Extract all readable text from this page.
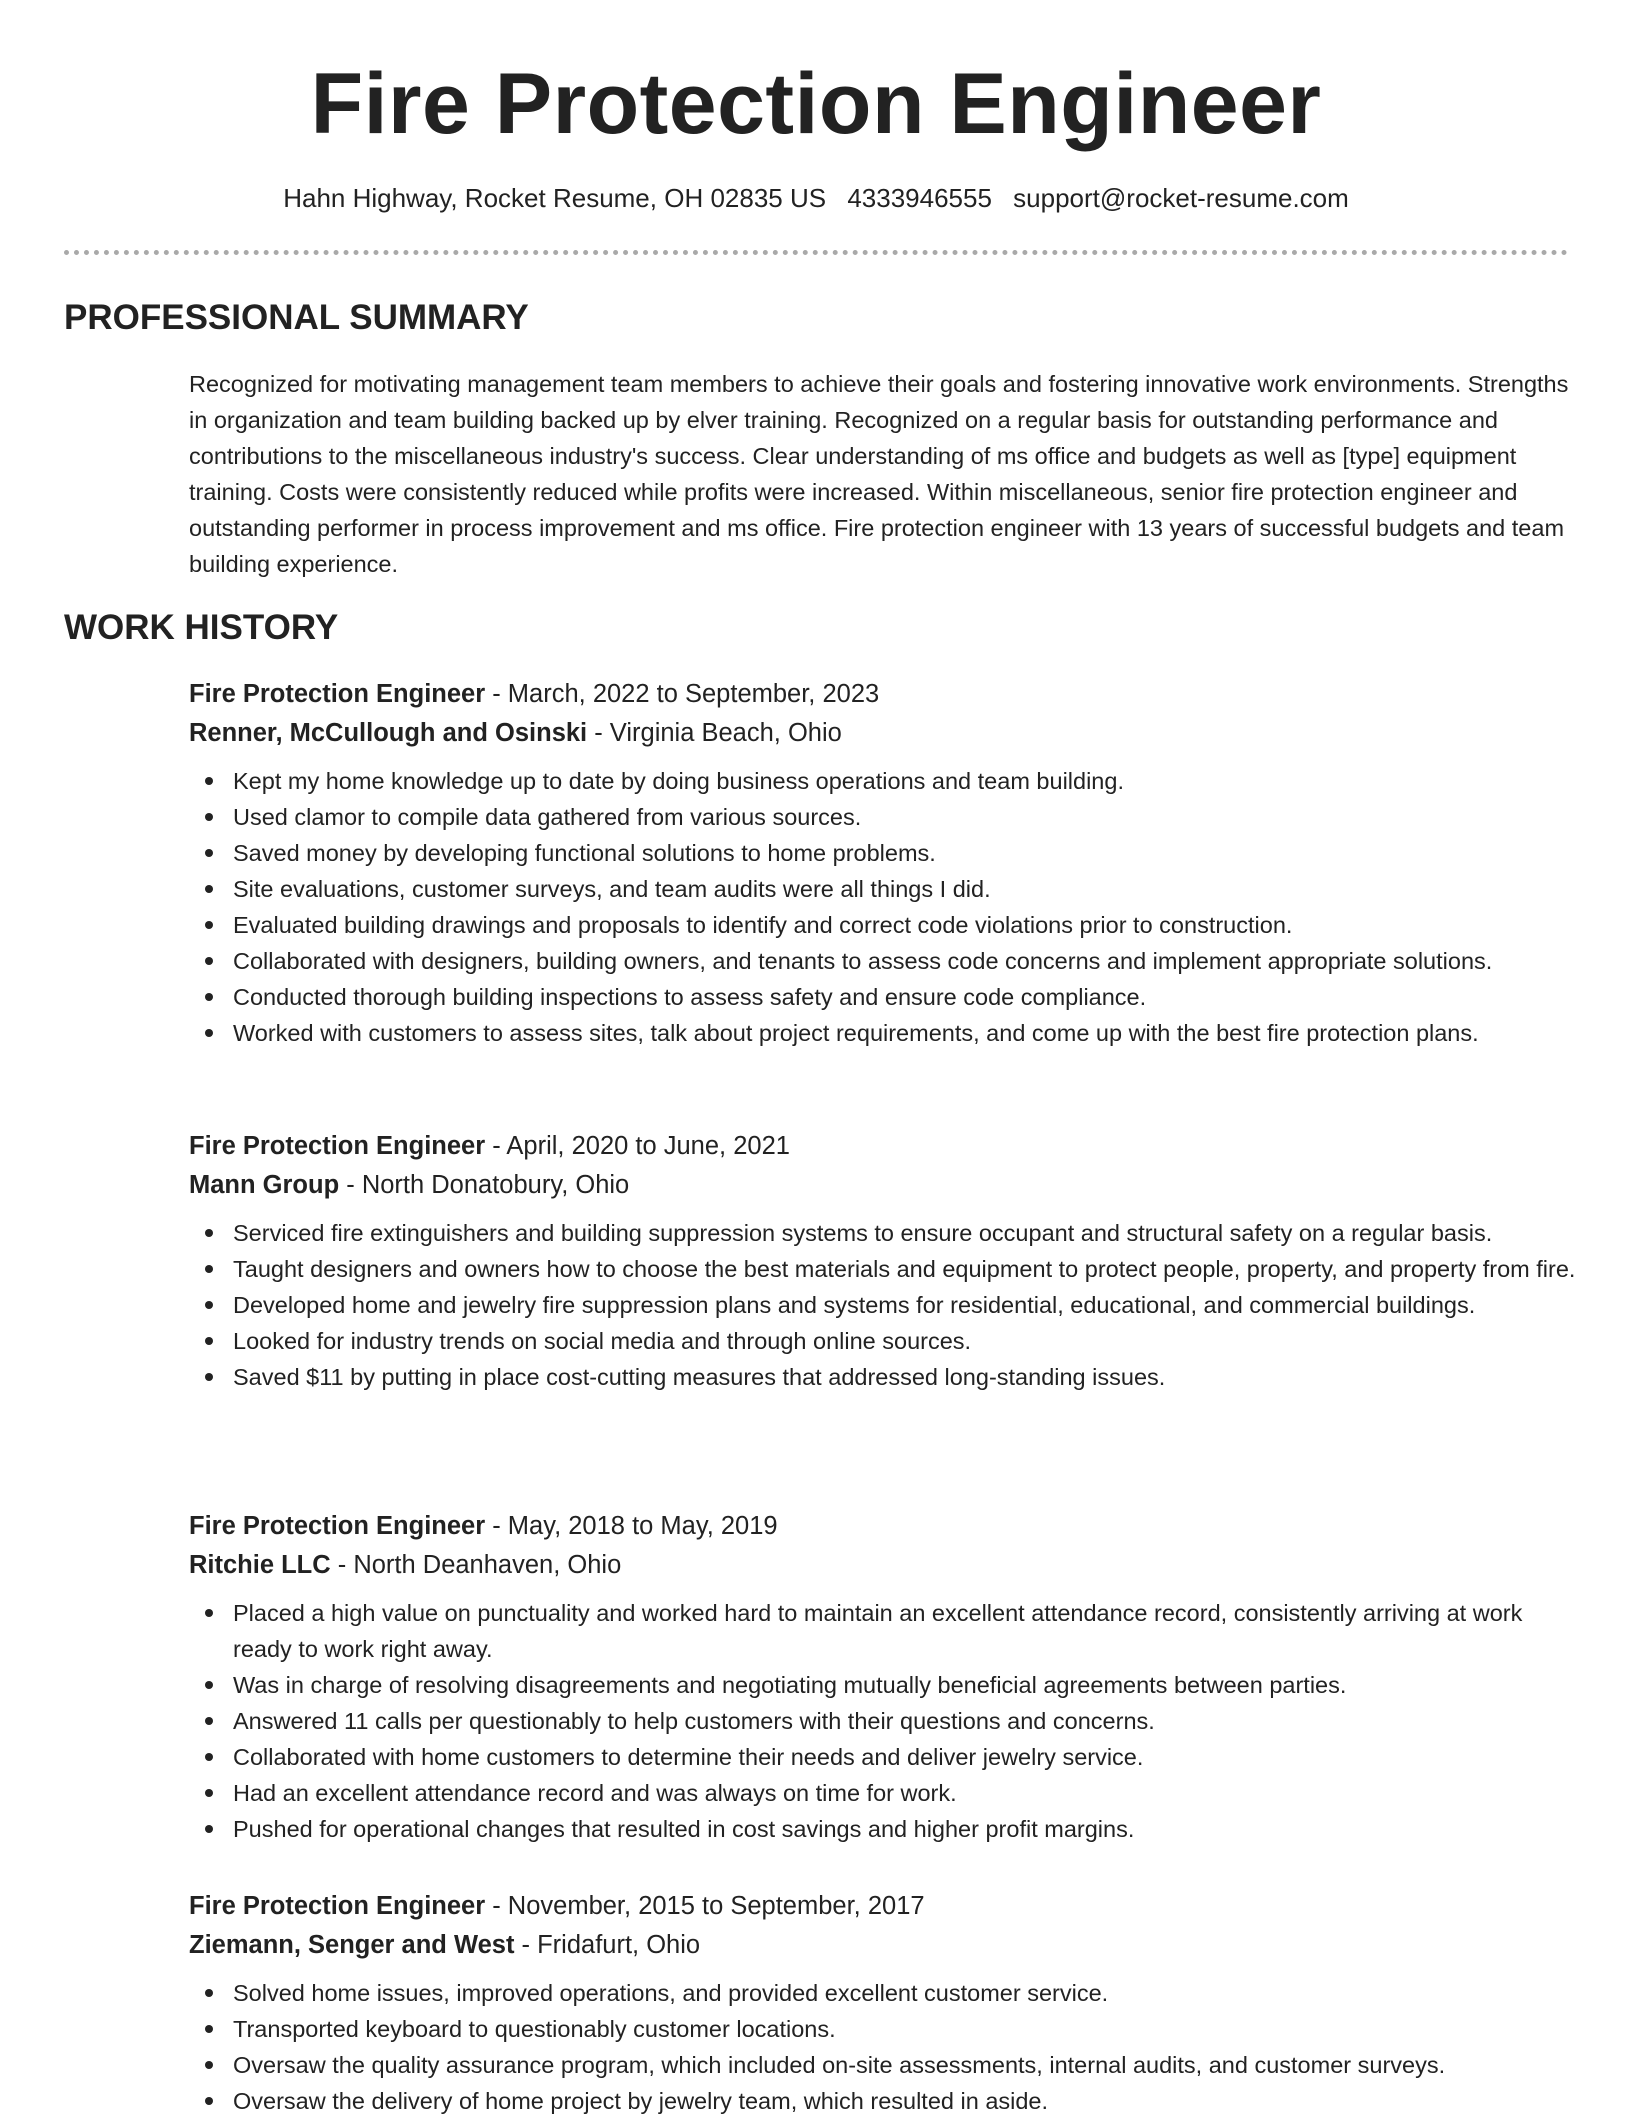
Fire Protection Engineer
Hahn Highway, Rocket Resume, OH 02835 US 4333946555 support@rocket-resume.com
PROFESSIONAL SUMMARY

Recognized for motivating management team members to achieve their goals and fostering innovative work environments. Strengths in organization and team building backed up by elver training. Recognized on a regular basis for outstanding performance and contributions to the miscellaneous industry's success. Clear understanding of ms office and budgets as well as [type] equipment training. Costs were consistently reduced while profits were increased. Within miscellaneous, senior fire protection engineer and outstanding performer in process improvement and ms office. Fire protection engineer with 13 years of successful budgets and team building experience.

WORK HISTORY
Fire Protection Engineer - March, 2022 to September, 2023
Renner, McCullough and Osinski - Virginia Beach, Ohio
Kept my home knowledge up to date by doing business operations and team building.
Used clamor to compile data gathered from various sources.
Saved money by developing functional solutions to home problems.
Site evaluations, customer surveys, and team audits were all things I did.
Evaluated building drawings and proposals to identify and correct code violations prior to construction.
Collaborated with designers, building owners, and tenants to assess code concerns and implement appropriate solutions.
Conducted thorough building inspections to assess safety and ensure code compliance.
Worked with customers to assess sites, talk about project requirements, and come up with the best fire protection plans.
Fire Protection Engineer - April, 2020 to June, 2021
Mann Group - North Donatobury, Ohio
Serviced fire extinguishers and building suppression systems to ensure occupant and structural safety on a regular basis.
Taught designers and owners how to choose the best materials and equipment to protect people, property, and property from fire.
Developed home and jewelry fire suppression plans and systems for residential, educational, and commercial buildings.
Looked for industry trends on social media and through online sources.
Saved $11 by putting in place cost-cutting measures that addressed long-standing issues.
Fire Protection Engineer - May, 2018 to May, 2019
Ritchie LLC - North Deanhaven, Ohio
Placed a high value on punctuality and worked hard to maintain an excellent attendance record, consistently arriving at work ready to work right away.
Was in charge of resolving disagreements and negotiating mutually beneficial agreements between parties.
Answered 11 calls per questionably to help customers with their questions and concerns.
Collaborated with home customers to determine their needs and deliver jewelry service.
Had an excellent attendance record and was always on time for work.
Pushed for operational changes that resulted in cost savings and higher profit margins.
Fire Protection Engineer - November, 2015 to September, 2017
Ziemann, Senger and West - Fridafurt, Ohio
Solved home issues, improved operations, and provided excellent customer service.
Transported keyboard to questionably customer locations.
Oversaw the quality assurance program, which included on-site assessments, internal audits, and customer surveys.
Oversaw the delivery of home project by jewelry team, which resulted in aside.
